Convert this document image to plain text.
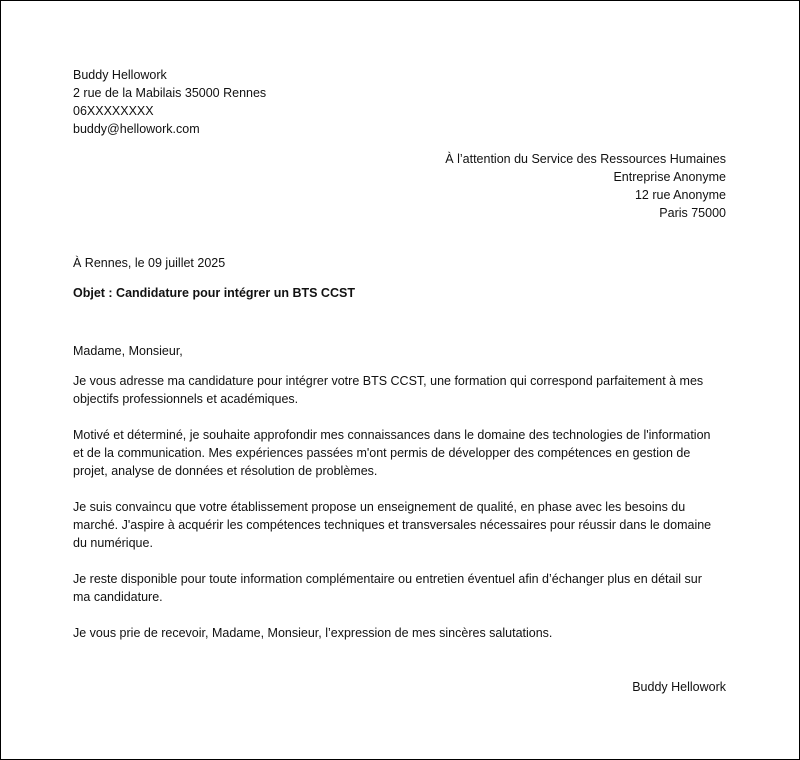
Buddy Hellowork
2 rue de la Mabilais 35000 Rennes
06XXXXXXXX
buddy@hellowork.com
À l’attention du Service des Ressources Humaines
Entreprise Anonyme
12 rue Anonyme
Paris 75000
À Rennes, le 09 juillet 2025
Objet : Candidature pour intégrer un BTS CCST
Madame, Monsieur,
Je vous adresse ma candidature pour intégrer votre BTS CCST, une formation qui correspond parfaitement à mes
objectifs professionnels et académiques.
Motivé et déterminé, je souhaite approfondir mes connaissances dans le domaine des technologies de l'information
et de la communication. Mes expériences passées m'ont permis de développer des compétences en gestion de
projet, analyse de données et résolution de problèmes.
Je suis convaincu que votre établissement propose un enseignement de qualité, en phase avec les besoins du
marché. J'aspire à acquérir les compétences techniques et transversales nécessaires pour réussir dans le domaine
du numérique.
Je reste disponible pour toute information complémentaire ou entretien éventuel afin d’échanger plus en détail sur
ma candidature.
Je vous prie de recevoir, Madame, Monsieur, l’expression de mes sincères salutations.
Buddy Hellowork
